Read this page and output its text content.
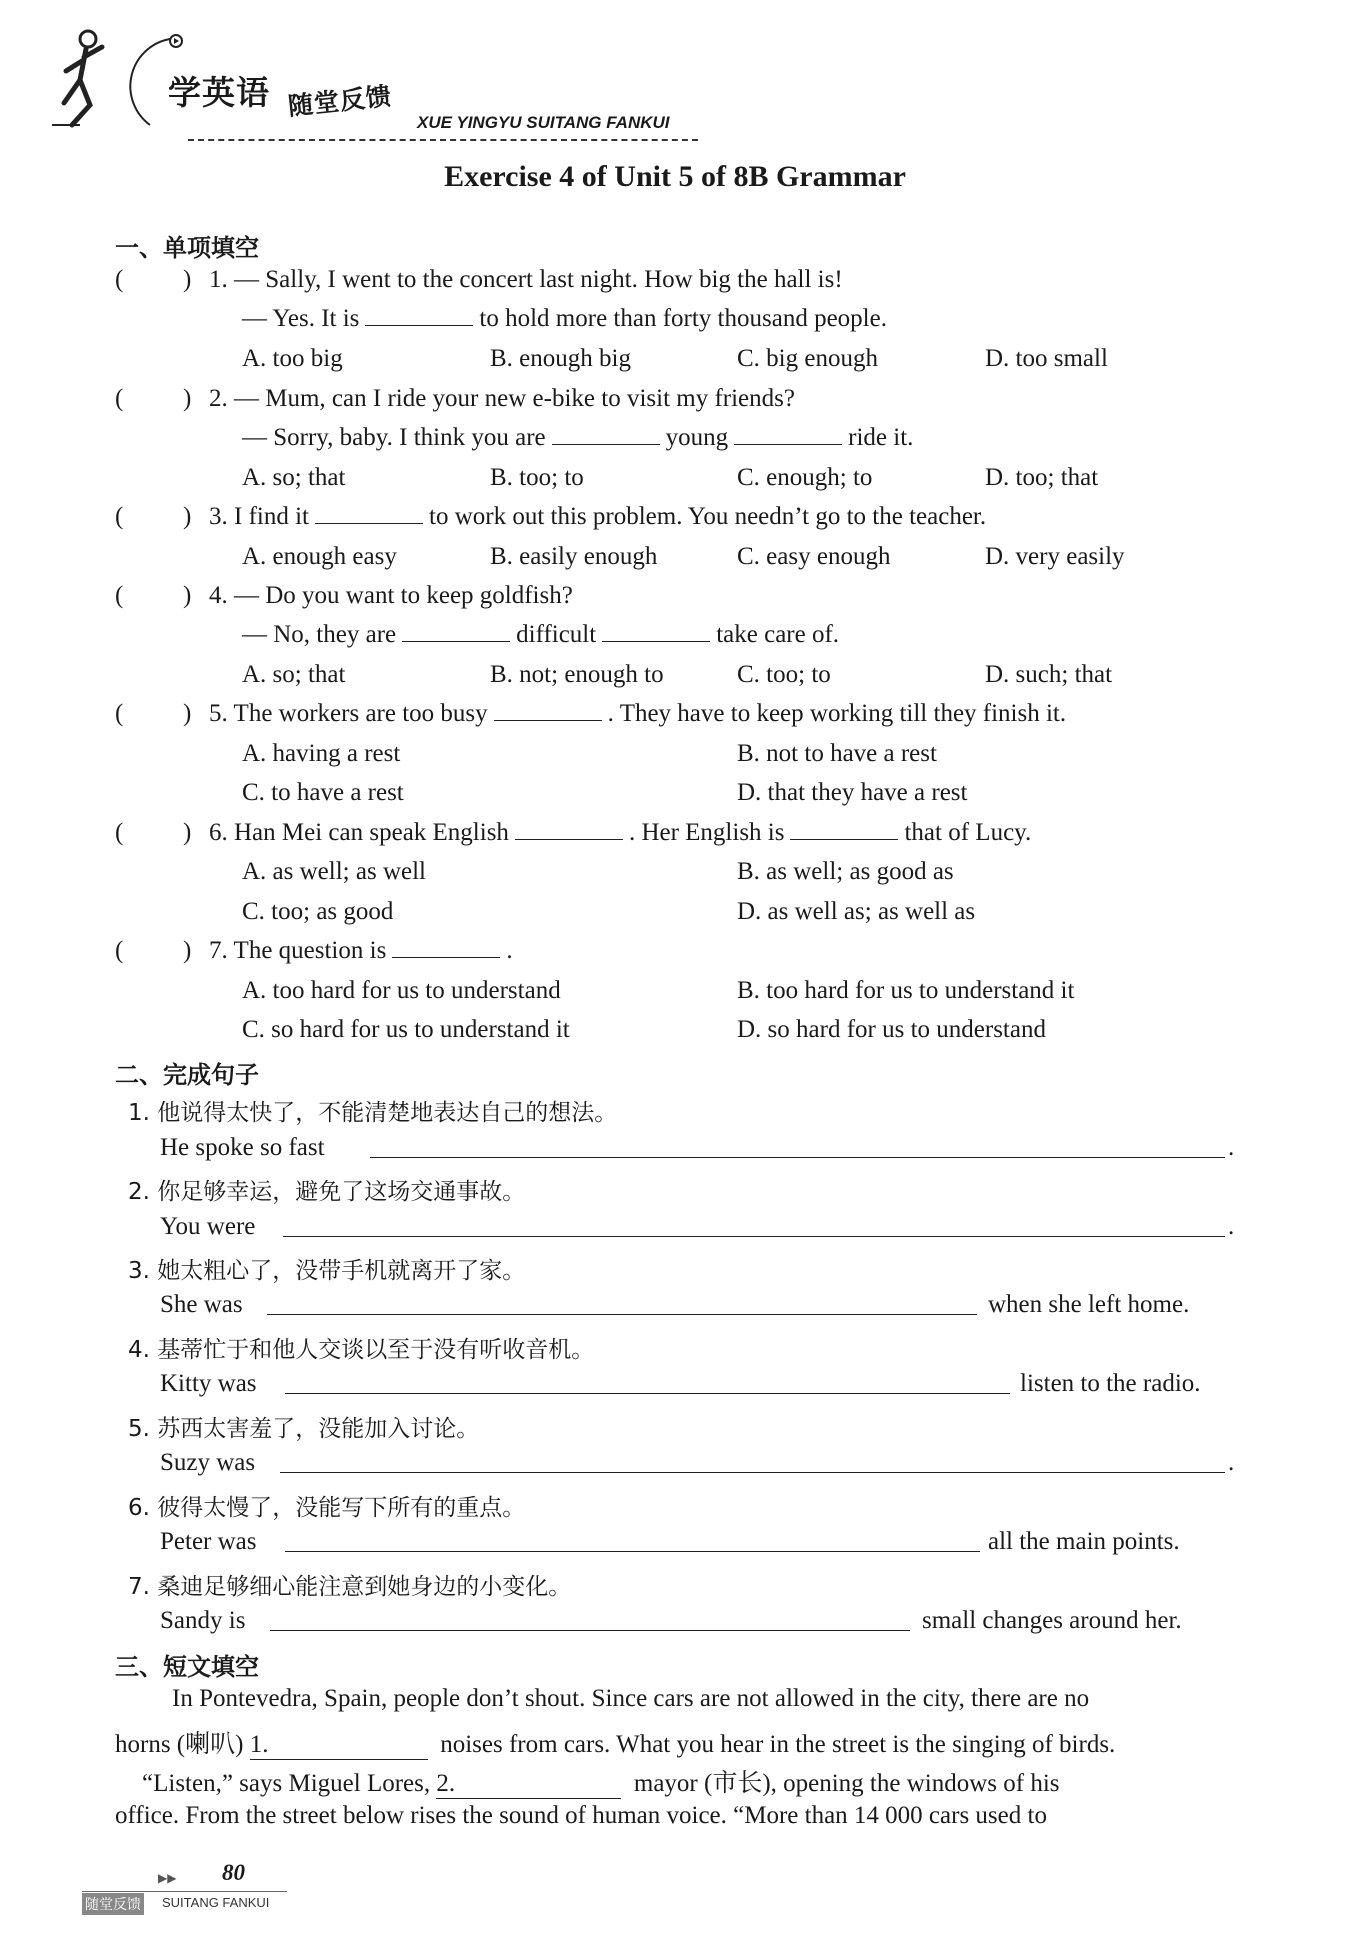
学英语 随堂反馈
XUE YINGYU SUITANG FANKUI
Exercise 4 of Unit 5 of 8B Grammar
一、单项填空
( ) 1. — Sally, I went to the concert last night. How big the hall is!
— Yes. It is	to hold more than forty thousand people.
A. too big	B. enough big	C. big enough	D. too small
( ) 2. — Mum, can I ride your new e-bike to visit my friends?
— Sorry, baby. I think you are	young	ride it.
A. so; that	B. too; to	C. enough; to	D. too; that
( ) 3. I find it	to work out this problem. You needn’t go to the teacher.
A. enough easy	B. easily enough	C. easy enough	D. very easily
( ) 4. — Do you want to keep goldfish?
— No, they are	difficult	take care of.
A. so; that	B. not; enough to	C. too; to	D. such; that
( ) 5. The workers are too busy	. They have to keep working till they finish it.
A. having a rest	B. not to have a rest
C. to have a rest	D. that they have a rest
( ) 6. Han Mei can speak English	. Her English is	that of Lucy.
A. as well; as well	B. as well; as good as
C. too; as good	D. as well as; as well as
( ) 7. The question is	.
A. too hard for us to understand	B. too hard for us to understand it
C. so hard for us to understand it	D. so hard for us to understand
二、完成句子
1. 他说得太快了，不能清楚地表达自己的想法。
He spoke so fast	.
2. 你足够幸运，避免了这场交通事故。
You were	.
3. 她太粗心了，没带手机就离开了家。
She was	when she left home.
4. 基蒂忙于和他人交谈以至于没有听收音机。
Kitty was	listen to the radio.
5. 苏西太害羞了，没能加入讨论。
Suzy was	.
6. 彼得太慢了，没能写下所有的重点。
Peter was	all the main points.
7. 桑迪足够细心能注意到她身边的小变化。
Sandy is	small changes around her.
三、短文填空
In Pontevedra, Spain, people don’t shout. Since cars are not allowed in the city, there are no
horns (喇叭) 1.	noises from cars. What you hear in the street is the singing of birds.
“Listen,” says Miguel Lores, 2.	mayor (市长), opening the windows of his
office. From the street below rises the sound of human voice. “More than 14 000 cars used to
▶▶ 80
随堂反馈 SUITANG FANKUI
